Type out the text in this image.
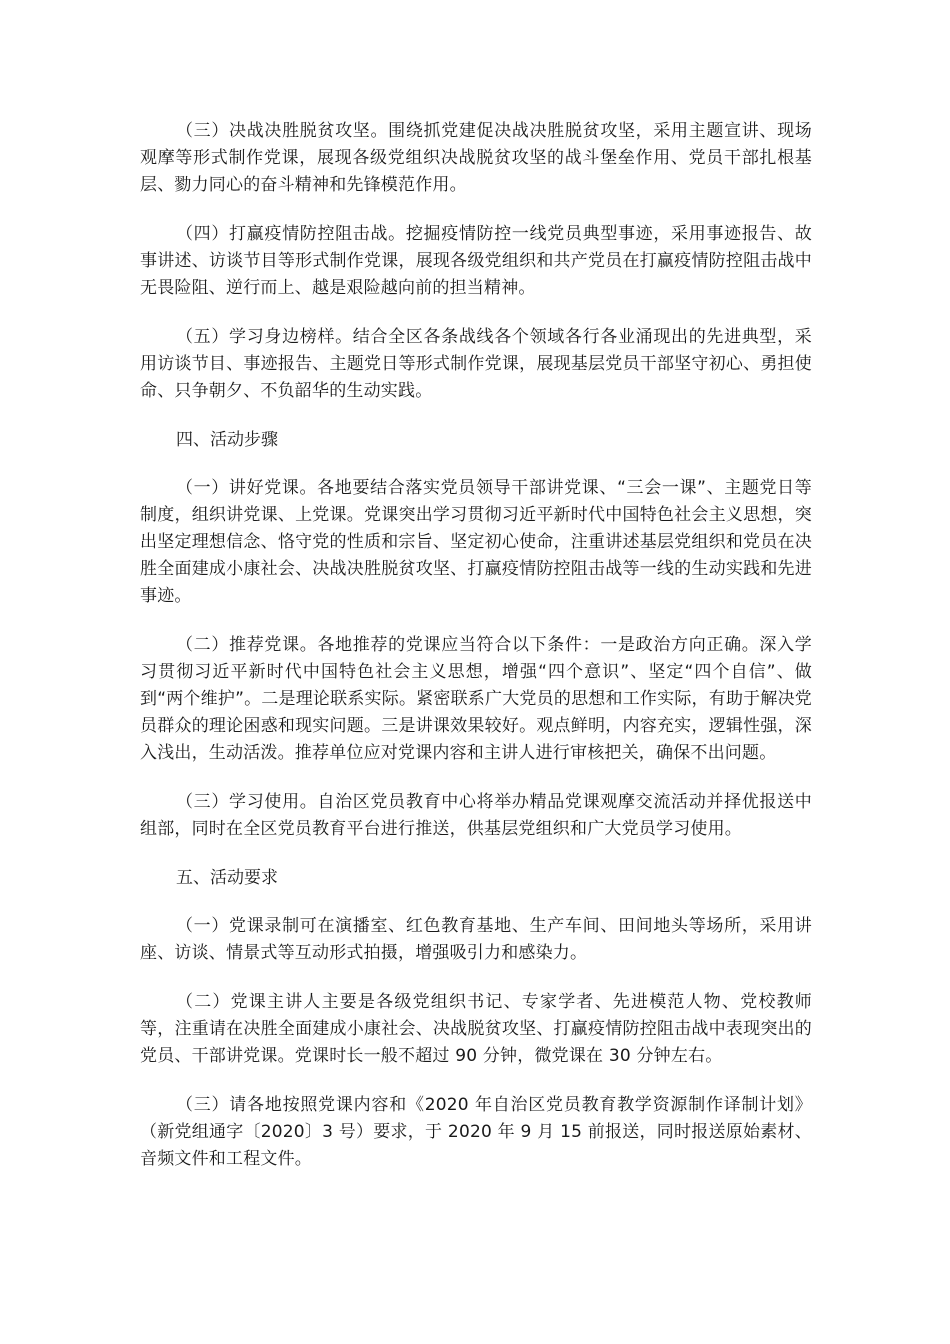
（三）决战决胜脱贫攻坚。围绕抓党建促决战决胜脱贫攻坚，采用主题宣讲、现场观摩等形式制作党课，展现各级党组织决战脱贫攻坚的战斗堡垒作用、党员干部扎根基层、勠力同心的奋斗精神和先锋模范作用。

（四）打赢疫情防控阻击战。挖掘疫情防控一线党员典型事迹，采用事迹报告、故事讲述、访谈节目等形式制作党课，展现各级党组织和共产党员在打赢疫情防控阻击战中无畏险阻、逆行而上、越是艰险越向前的担当精神。

（五）学习身边榜样。结合全区各条战线各个领域各行各业涌现出的先进典型，采用访谈节目、事迹报告、主题党日等形式制作党课，展现基层党员干部坚守初心、勇担使命、只争朝夕、不负韶华的生动实践。

四、活动步骤

（一）讲好党课。各地要结合落实党员领导干部讲党课、“三会一课”、主题党日等制度，组织讲党课、上党课。党课突出学习贯彻习近平新时代中国特色社会主义思想，突出坚定理想信念、恪守党的性质和宗旨、坚定初心使命，注重讲述基层党组织和党员在决胜全面建成小康社会、决战决胜脱贫攻坚、打赢疫情防控阻击战等一线的生动实践和先进事迹。

（二）推荐党课。各地推荐的党课应当符合以下条件：一是政治方向正确。深入学习贯彻习近平新时代中国特色社会主义思想，增强“四个意识”、坚定“四个自信”、做到“两个维护”。二是理论联系实际。紧密联系广大党员的思想和工作实际，有助于解决党员群众的理论困惑和现实问题。三是讲课效果较好。观点鲜明，内容充实，逻辑性强，深入浅出，生动活泼。推荐单位应对党课内容和主讲人进行审核把关，确保不出问题。

（三）学习使用。自治区党员教育中心将举办精品党课观摩交流活动并择优报送中组部，同时在全区党员教育平台进行推送，供基层党组织和广大党员学习使用。

五、活动要求

（一）党课录制可在演播室、红色教育基地、生产车间、田间地头等场所，采用讲座、访谈、情景式等互动形式拍摄，增强吸引力和感染力。

（二）党课主讲人主要是各级党组织书记、专家学者、先进模范人物、党校教师等，注重请在决胜全面建成小康社会、决战脱贫攻坚、打赢疫情防控阻击战中表现突出的党员、干部讲党课。党课时长一般不超过 90 分钟，微党课在 30 分钟左右。

（三）请各地按照党课内容和《2020 年自治区党员教育教学资源制作译制计划》（新党组通字〔2020〕3 号）要求，于 2020 年 9 月 15 前报送，同时报送原始素材、音频文件和工程文件。
